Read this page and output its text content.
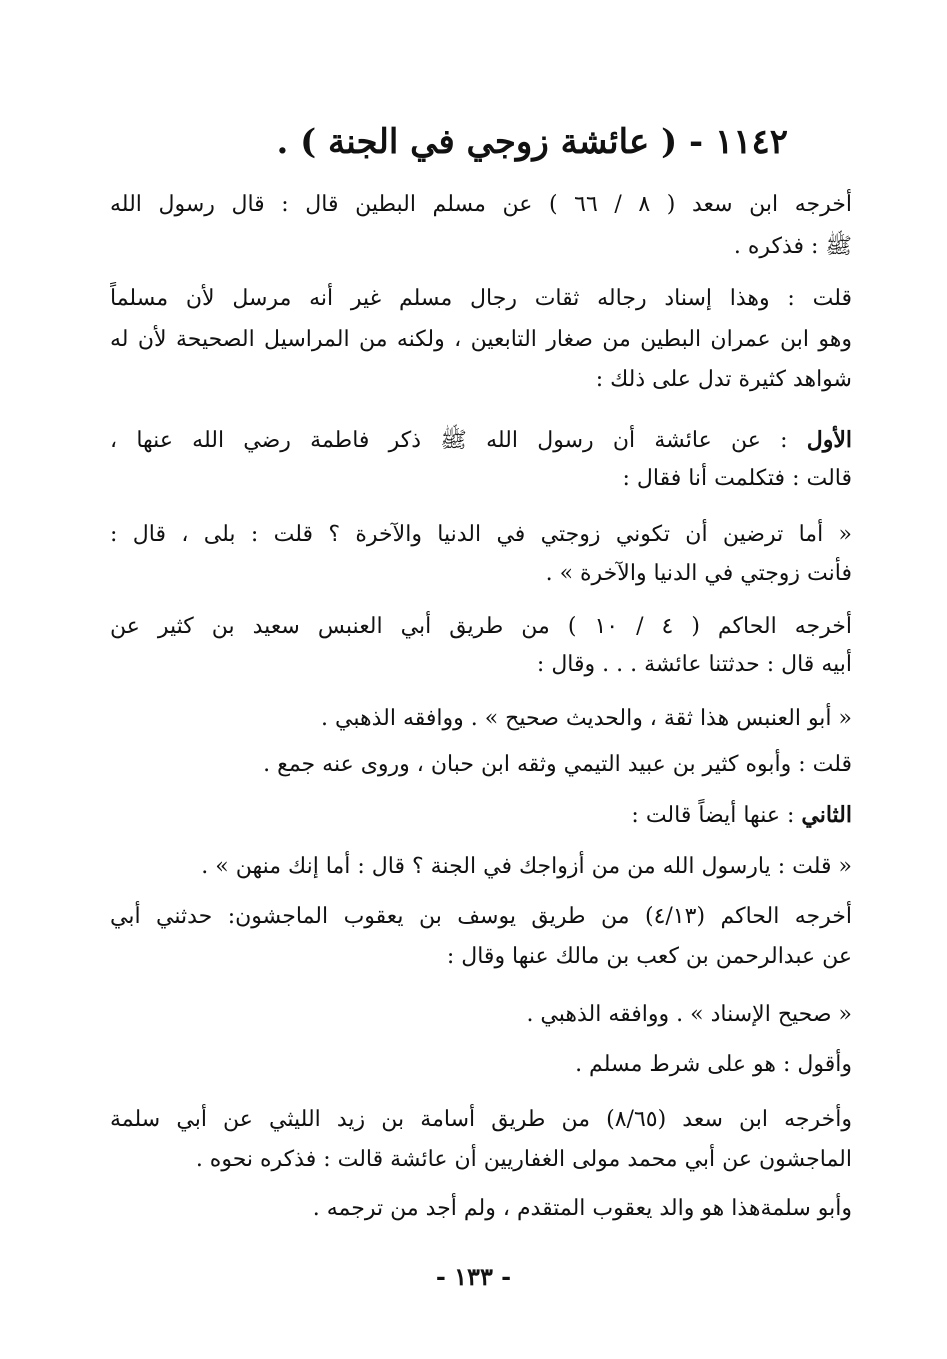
١١٤٢ - ( عائشة زوجي في الجنة ) .
أخرجه ابن سعد ( ٨ / ٦٦ ) عن مسلم البطين قال : قال رسول الله
ﷺ : فذكره .
قلت : وهذا إسناد رجاله ثقات رجال مسلم غير أنه مرسل لأن مسلماً
وهو ابن عمران البطين من صغار التابعين ، ولكنه من المراسيل الصحيحة لأن له
شواهد كثيرة تدل على ذلك :
الأول : عن عائشة أن رسول الله ﷺ ذكر فاطمة رضي الله عنها ،
قالت : فتكلمت أنا فقال :
« أما ترضين أن تكوني زوجتي في الدنيا والآخرة ؟ قلت : بلى ، قال :
فأنت زوجتي في الدنيا والآخرة » .
أخرجه الحاكم ( ٤ / ١٠ ) من طريق أبي العنبس سعيد بن كثير عن
أبيه قال : حدثتنا عائشة . . . وقال :
« أبو العنبس هذا ثقة ، والحديث صحيح » . ووافقه الذهبي .
قلت : وأبوه كثير بن عبيد التيمي وثقه ابن حبان ، وروى عنه جمع .
الثاني : عنها أيضاً قالت :
« قلت : يارسول الله من من أزواجك في الجنة ؟ قال : أما إنك منهن » .
أخرجه الحاكم (٤/١٣) من طريق يوسف بن يعقوب الماجشون: حدثني أبي
عن عبدالرحمن بن كعب بن مالك عنها وقال :
« صحيح الإسناد » . ووافقه الذهبي .
وأقول : هو على شرط مسلم .
وأخرجه ابن سعد (٨/٦٥) من طريق أسامة بن زيد الليثي عن أبي سلمة
الماجشون عن أبي محمد مولى الغفاريين أن عائشة قالت : فذكره نحوه .
وأبو سلمةهذا هو والد يعقوب المتقدم ، ولم أجد من ترجمه .
- ١٣٣ -
